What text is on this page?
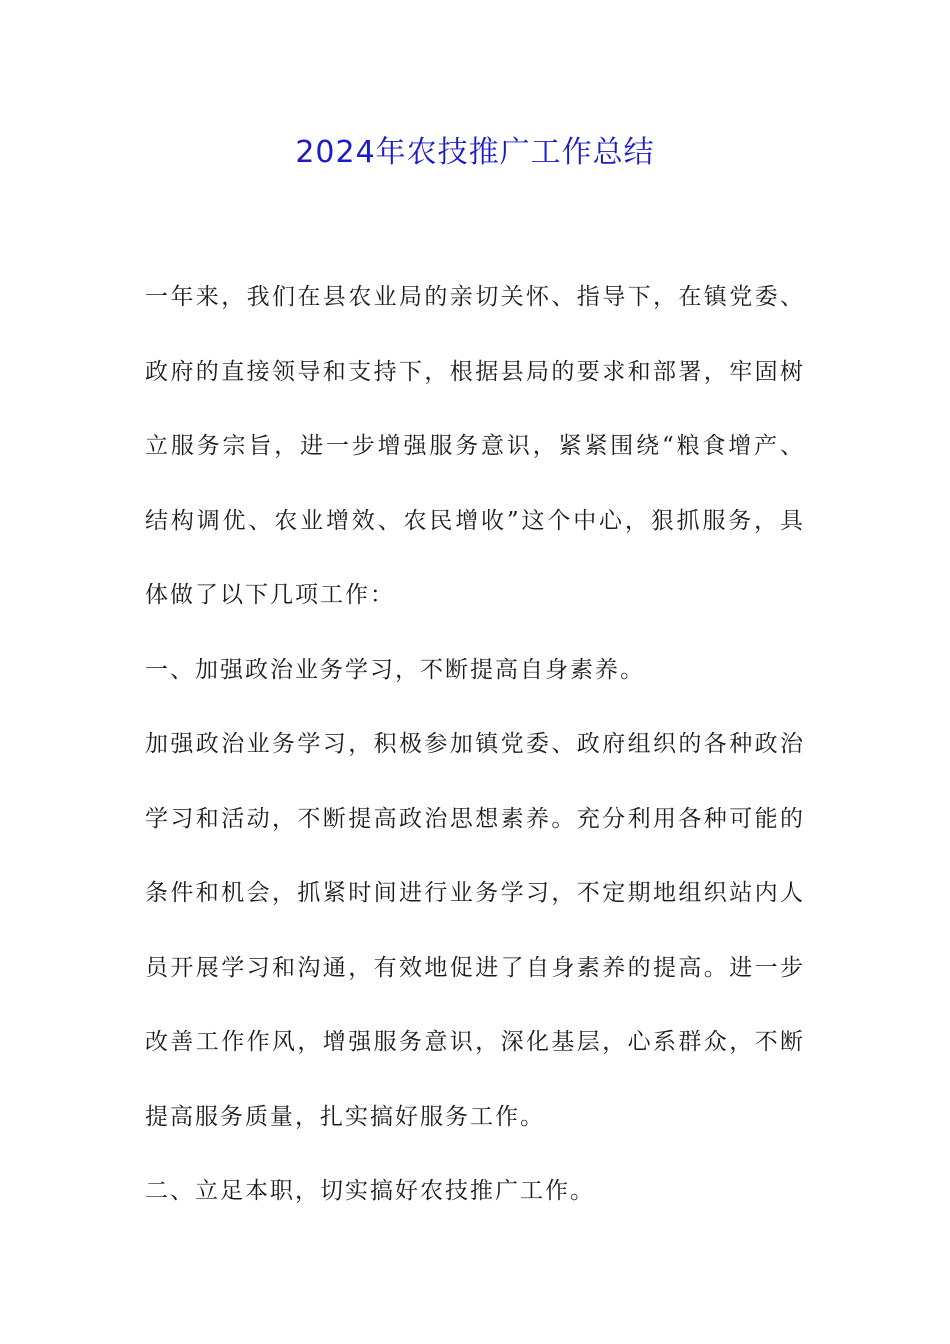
2024年农技推广工作总结

一年来，我们在县农业局的亲切关怀、指导下，在镇党委、政府的直接领导和支持下，根据县局的要求和部署，牢固树立服务宗旨，进一步增强服务意识，紧紧围绕“粮食增产、结构调优、农业增效、农民增收”这个中心，狠抓服务，具体做了以下几项工作：

一、加强政治业务学习，不断提高自身素养。

加强政治业务学习，积极参加镇党委、政府组织的各种政治学习和活动，不断提高政治思想素养。充分利用各种可能的条件和机会，抓紧时间进行业务学习，不定期地组织站内人员开展学习和沟通，有效地促进了自身素养的提高。进一步改善工作作风，增强服务意识，深化基层，心系群众，不断提高服务质量，扎实搞好服务工作。

二、立足本职，切实搞好农技推广工作。
